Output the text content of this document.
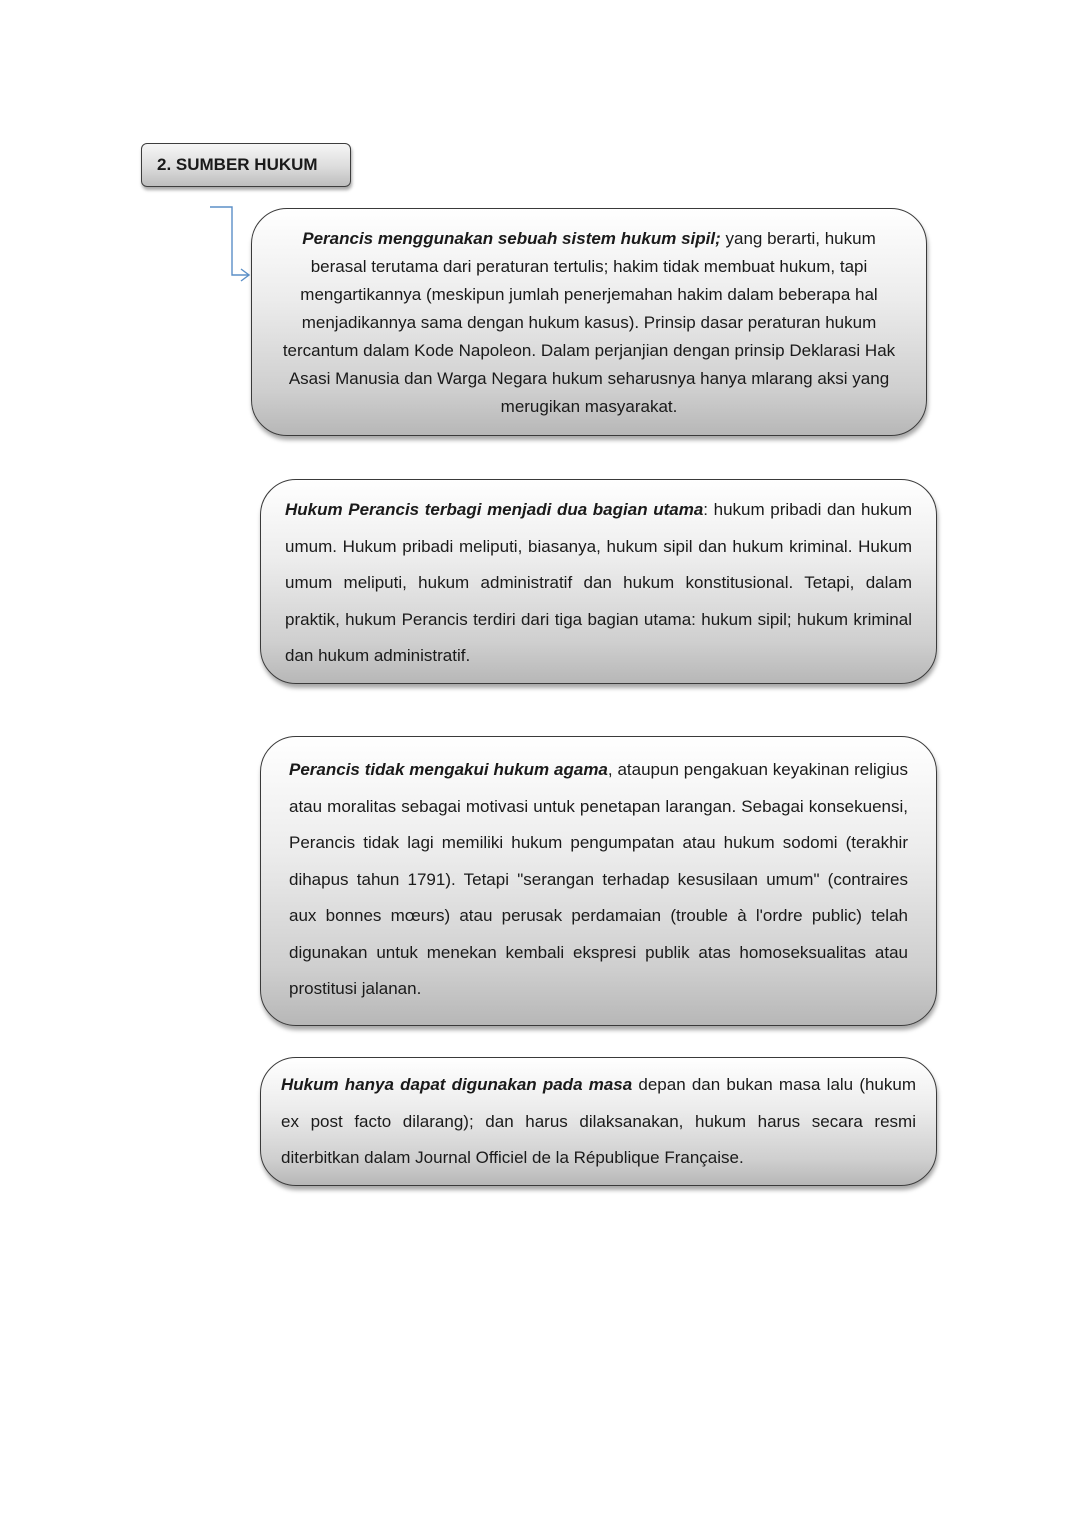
2. SUMBER HUKUM

Perancis menggunakan sebuah sistem hukum sipil; yang berarti, hukum berasal terutama dari peraturan tertulis; hakim tidak membuat hukum, tapi mengartikannya (meskipun jumlah penerjemahan hakim dalam beberapa hal menjadikannya sama dengan hukum kasus). Prinsip dasar peraturan hukum tercantum dalam Kode Napoleon. Dalam perjanjian dengan prinsip Deklarasi Hak Asasi Manusia dan Warga Negara hukum seharusnya hanya mlarang aksi yang merugikan masyarakat.

Hukum Perancis terbagi menjadi dua bagian utama: hukum pribadi dan hukum umum. Hukum pribadi meliputi, biasanya, hukum sipil dan hukum kriminal. Hukum umum meliputi, hukum administratif dan hukum konstitusional. Tetapi, dalam praktik, hukum Perancis terdiri dari tiga bagian utama: hukum sipil; hukum kriminal dan hukum administratif.

Perancis tidak mengakui hukum agama, ataupun pengakuan keyakinan religius atau moralitas sebagai motivasi untuk penetapan larangan. Sebagai konsekuensi, Perancis tidak lagi memiliki hukum pengumpatan atau hukum sodomi (terakhir dihapus tahun 1791). Tetapi "serangan terhadap kesusilaan umum" (contraires aux bonnes mœurs) atau perusak perdamaian (trouble à l'ordre public) telah digunakan untuk menekan kembali ekspresi publik atas homoseksualitas atau prostitusi jalanan.

Hukum hanya dapat digunakan pada masa depan dan bukan masa lalu (hukum ex post facto dilarang); dan harus dilaksanakan, hukum harus secara resmi diterbitkan dalam Journal Officiel de la République Française.
